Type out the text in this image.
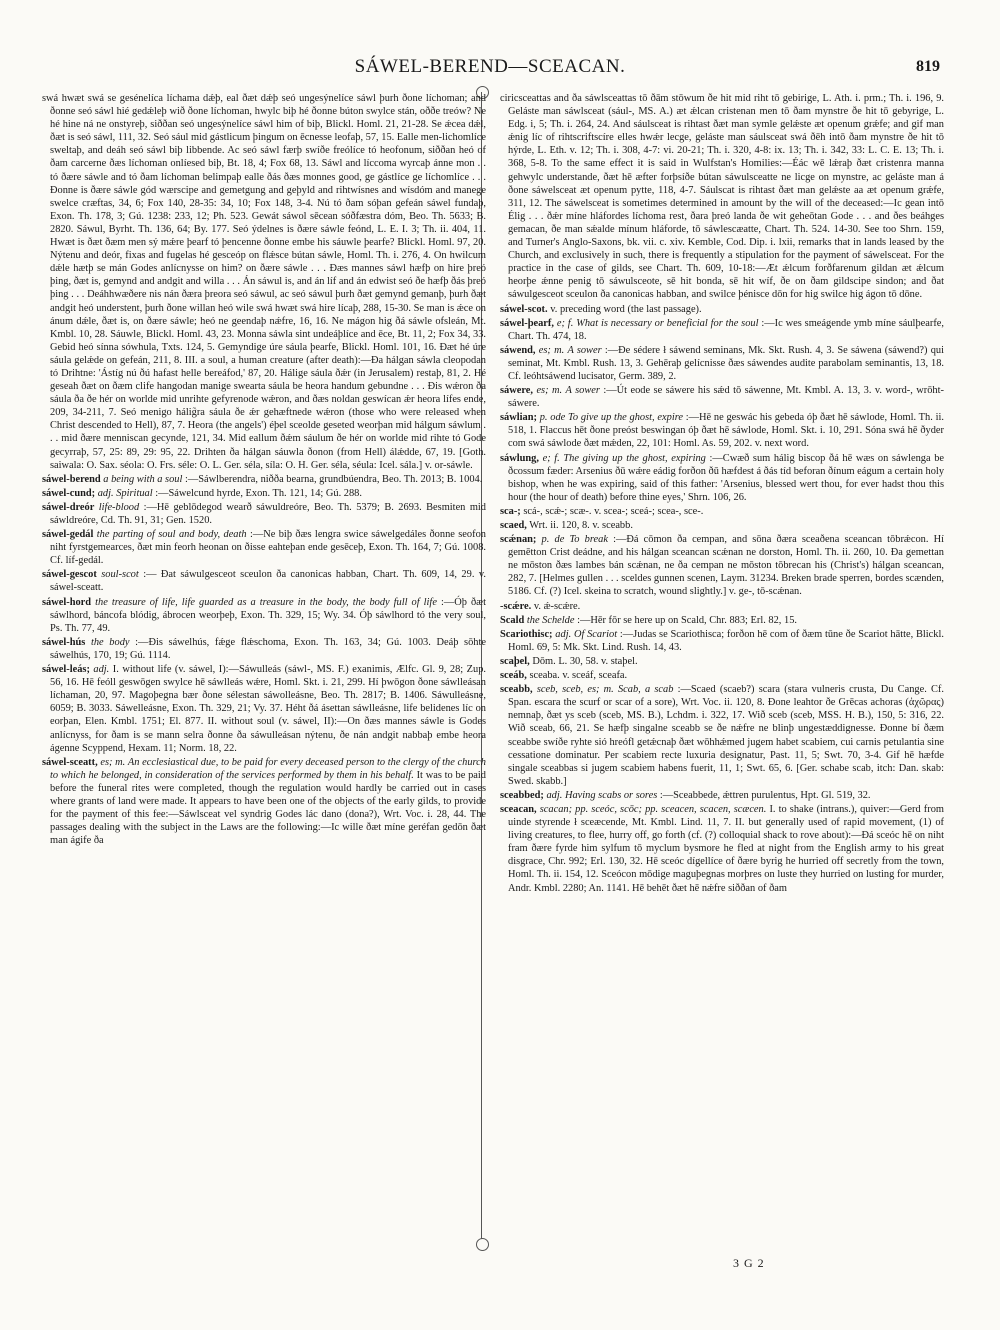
SÁWEL-BEREND—SCEACAN.	819

swá hwæt swá se gesénelíca líchama dǽþ, eal ðæt dǽþ seó ungesýnelíce sáwl þurh ðone líchoman; and ðonne seó sáwl hié gedǽleþ wið ðone líchoman, hwylc biþ hé ðonne búton swylce stán, oððe treów? Ne hé hine ná ne onstyreþ, siððan seó ungesýnelíce sáwl him of biþ, Blickl. Homl. 21, 21-28. Se ǽcea dǽl, ðæt is seó sáwl, 111, 32. Seó sául mid gástlicum þingum on ēcnesse leofaþ, 57, 15. Ealle men-lichomlíce sweltaþ, and deáh seó sáwl biþ libbende. Ac seó sáwl færþ swíðe freólíce tó heofonum, siððan heó of ðam carcerne ðæs líchoman onlíesed biþ, Bt. 18, 4; Fox 68, 13. Sáwl and líccoma wyrcaþ ánne mon . . tó ðære sáwle and tó ðam líchoman belimpaþ ealle ðás ðæs monnes good, ge gástlíce ge líchomlíce . . . Ðonne is ðære sáwle gód wærscipe and gemetgung and geþyld and rihtwísnes and wísdóm and manege swelce cræftas, 34, 6; Fox 140, 28-35: 34, 10; Fox 148, 3-4. Nú tó ðam sóþan gefeán sáwel fundaþ, Exon. Th. 178, 3; Gú. 1238: 233, 12; Ph. 523. Gewát sáwol sēcean sóðfæstra dóm, Beo. Th. 5633; B. 2820. Sáwul, Byrht. Th. 136, 64; By. 177. Seó ýdelnes is ðære sáwle feónd, L. E. I. 3; Th. ii. 404, 11. Hwæt is ðæt ðæm men sý mǽre þearf tó þencenne ðonne embe his sáuwle þearfe? Blickl. Homl. 97, 20. Nýtenu and deór, fixas and fugelas hé gesceóp on flǽsce bútan sáwle, Homl. Th. i. 276, 4. On hwilcum dǽle hætþ se mán Godes anlícnysse on him? on ðære sáwle . . . Ðæs mannes sáwl hæfþ on hire þreó þing, ðæt is, gemynd and andgit and willa . . . Án sáwul is, and án líf and án edwist seó ðe hæfþ ðás þreó þing . . . Deáhhwæðere nis nán ðæra þreora seó sáwul, ac seó sáwul þurh ðæt gemynd gemanþ, þurh ðæt andgit heó understent, þurh ðone willan heó wile swá hwæt swá hire lícaþ, 288, 15-30. Se man is ǽce on ánum dǽle, ðæt is, on ðære sáwle; heó ne geendaþ nǽfre, 16, 16. Ne mágon hig ðá sáwle ofsleán, Mt. Kmbl. 10, 28. Sáuwle, Blickl. Homl. 43, 23. Monna sáwla sint undeáþlíce and ēce, Bt. 11, 2; Fox 34, 33. Gebid heó sínna sówhula, Txts. 124, 5. Gemyndige úre sáula þearfe, Blickl. Homl. 101, 16. Ðæt hé úre sáula gelǽde on gefeán, 211, 8. III. a soul, a human creature (after death):—Ða hálgan sáwla cleopodan tó Drihtne: 'Ástíg nú ðú hafast helle bereáfod,' 87, 20. Hálige sáula ðǽr (in Jerusalem) restaþ, 81, 2. Hé geseah ðæt on ðæm clife hangodan manige swearta sáula be heora handum gebundne . . . Ðis wǽron ða sáula ða ðe hér on worlde mid unrihte gefyrenode wǽron, and ðæs noldan geswícan ǽr heora lífes ende, 209, 34-211, 7. Seó menigo hálig̃ra sáula ðe ǽr gehæftnede wǽron (those who were released when Christ descended to Hell), 87, 7. Heora (the angels') éþel sceolde geseted weorþan mid hálgum sáwlum . . . mid ðære menniscan gecynde, 121, 34. Mid eallum ðǽm sáulum ðe hér on worlde mid rihte tó Gode gecyrraþ, 57, 25: 89, 29: 95, 22. Drihten ða hálgan sáuwla ðonon (from Hell) álǽdde, 67, 19. [Goth. saiwala: O. Sax. séola: O. Frs. séle: O. L. Ger. séla, síla: O. H. Ger. séla, séula: Icel. sála.] v. or-sáwle.

sáwel-berend a being with a soul :—Sáwlberendra, niðða bearna, grundbúendra, Beo. Th. 2013; B. 1004.

sáwel-cund; adj. Spiritual :—Sáwelcund hyrde, Exon. Th. 121, 14; Gú. 288.

sáwel-dreór life-blood :—Hē geblōdegod wearð sáwuldreóre, Beo. Th. 5379; B. 2693. Besmiten mid sáwldreóre, Cd. Th. 91, 31; Gen. 1520.

sáwel-gedál the parting of soul and body, death :—Ne biþ ðæs lengra swice sáwelgedáles ðonne seofon niht fyrstgemearces, ðæt min feorh heonan on ðisse eahteþan ende gesēceþ, Exon. Th. 164, 7; Gú. 1008. Cf. líf-gedál.

sáwel-gescot soul-scot :— Ðat sáwulgesceot sceulon ða canonicas habban, Chart. Th. 609, 14, 29. v. sáwel-sceatt.

sáwel-hord the treasure of life, life guarded as a treasure in the body, the body full of life :—Óþ ðæt sáwlhord, báncofa blódig, ábrocen weorþeþ, Exon. Th. 329, 15; Wy. 34. Óþ sáwlhord tó the very soul, Ps. Th. 77, 49.

sáwel-hús the body :—Ðis sáwelhús, fǽge flǽschoma, Exon. Th. 163, 34; Gú. 1003. Deáþ sōhte sáwelhús, 170, 19; Gú. 1114.

sáwel-leás; adj. I. without life (v. sáwel, I):—Sáwulleás (sáwl-, MS. F.) exanimis, Ælfc. Gl. 9, 28; Zup. 56, 16. Hē feóll geswōgen swylce hē sáwlleás wǽre, Homl. Skt. i. 21, 299. Hí þwōgon ðone sáwlleásan líchaman, 20, 97. Magoþegna bær ðone sélestan sáwolleásne, Beo. Th. 2817; B. 1406. Sáwulleásne, 6059; B. 3033. Sáwelleásne, Exon. Th. 329, 21; Vy. 37. Héht ðá ásettan sáwlleásne, life belidenes líc on eorþan, Elen. Kmbl. 1751; El. 877. II. without soul (v. sáwel, II):—On ðæs mannes sáwle is Godes anlícnyss, for ðam is se mann selra ðonne ða sáwulleásan nýtenu, ðe nán andgit nabbaþ embe heora ágenne Scyppend, Hexam. 11; Norm. 18, 22.

sáwel-sceatt, es; m. An ecclesiastical due, to be paid for every deceased person to the clergy of the church to which he belonged, in consideration of the services performed by them in his behalf. It was to be paid before the funeral rites were completed, though the regulation would hardly be carried out in cases where grants of land were made. It appears to have been one of the objects of the early gilds, to provide for the payment of this fee:—Sáwlsceat vel syndrig Godes lác dano (dona?), Wrt. Voc. i. 28, 44. The passages dealing with the subject in the Laws are the following:—Ic wille ðæt míne geréfan gedōn ðæt man ágife ða

ciricsceattas and ða sáwlsceattas tō ðām stōwum ðe hit mid riht tō gebirige, L. Ath. i. prm.; Th. i. 196, 9. Geláste man sáwlsceat (sául-, MS. A.) æt ǽlcan cristenan men tō ðam mynstre ðe hit tō gebyrige, L. Edg. i, 5; Th. i. 264, 24. And sáulsceat is rihtast ðæt man symle gelǽste æt openum grǽfe; and gif man ǽnig líc of rihtscriftscíre elles hwǽr lecge, geláste man sáulsceat swá ðēh intō ðam mynstre ðe hit tō hýrde, L. Eth. v. 12; Th. i. 308, 4-7: vi. 20-21; Th. i. 320, 4-8: ix. 13; Th. i. 342, 33: L. C. E. 13; Th. i. 368, 5-8. To the same effect it is said in Wulfstan's Homilies:—Éác wē lǽraþ ðæt cristenra manna gehwylc understande, ðæt hē æfter forþsíðe bútan sáwulsceatte ne licge on mynstre, ac geláste man á ðone sáwelsceat æt openum pytte, 118, 4-7. Sáulscat is rihtast ðæt man gelǽste aa æt openum grǽfe, 311, 12. The sáwelsceat is sometimes determined in amount by the will of the deceased:—Ic gean intō Élig . . . ðǽr míne hláfordes líchoma rest, ðara þreó landa ðe wit geheōtan Gode . . . and ðes beáhges gemacan, ðe man sǽalde mínum hláforde, tō sáwlescæatte, Chart. Th. 524. 14-30. See too Shrn. 159, and Turner's Anglo-Saxons, bk. vii. c. xiv. Kemble, Cod. Dip. i. lxii, remarks that in lands leased by the Church, and exclusively in such, there is frequently a stipulation for the payment of sáwelsceat. For the practice in the case of gilds, see Chart. Th. 609, 10-18:—Æt ǽlcum forðfarenum gildan æt ǽlcum heorþe ǽnne penig tō sáwulsceote, sē hit bonda, sē hit wíf, ðe on ðam gildscipe sindon; and ðat sáwulgesceot sceulon ða canonicas habban, and swilce þénisce dōn for hig swilce hig ágon tō dōne.

sáwel-scot. v. preceding word (the last passage).

sáwel-þearf, e; f. What is necessary or beneficial for the soul :—Ic wes smeágende ymb míne sáulþearfe, Chart. Th. 474, 18.

sáwend, es; m. A sower :—Ðe sédere ł sáwend seminans, Mk. Skt. Rush. 4, 3. Se sáwena (sáwend?) qui seminat, Mt. Kmbl. Rush. 13, 3. Gehēraþ gelícnisse ðæs sáwendes audite parabolam seminantis, 13, 18. Cf. leóhtsáwend lucisator, Germ. 389, 2.

sáwere, es; m. A sower :—Út eode se sáwere his sǽd tō sáwenne, Mt. Kmbl. A. 13, 3. v. word-, wrōht-sáwere.

sáwlian; p. ode To give up the ghost, expire :—Hē ne geswác his gebeda óþ ðæt hē sáwlode, Homl. Th. ii. 518, 1. Flaccus hēt ðone preóst beswingan óþ ðæt hē sáwlode, Homl. Skt. i. 10, 291. Sóna swá hē ðyder com swá sáwlode ðæt mǽden, 22, 101: Homl. As. 59, 202. v. next word.

sáwlung, e; f. The giving up the ghost, expiring :—Cwæð sum hálig biscop ðá hē wæs on sáwlenga be ðcossum fæder: Arsenius ðū wǽre eádig forðon ðū hæfdest á ðás tíd beforan ðínum eágum a certain holy bishop, when he was expiring, said of this father: 'Arsenius, blessed wert thou, for ever hadst thou this hour (the hour of death) before thine eyes,' Shrn. 106, 26.

sca-; scá-, scǽ-; scæ-. v. scea-; sceá-; scea-, sce-.

scaed, Wrt. ii. 120, 8. v. sceabb.

scǽnan; p. de To break :—Ðá cōmon ða cempan, and sōna ðæra sceaðena sceancan tōbrǽcon. Hí gemētton Crist deádne, and his hálgan sceancan scǽnan ne dorston, Homl. Th. ii. 260, 10. Ða gemettan ne mōston ðæs lambes bán scǽnan, ne ða cempan ne mōston tōbrecan his (Christ's) hálgan sceancan, 282, 7. [Helmes gullen . . . sceldes gunnen scenen, Laym. 31234. Breken brade sperren, bordes scænden, 5186. Cf. (?) Icel. skeina to scratch, wound slightly.] v. ge-, tō-scǽnan.

-scǽre. v. ǽ-scǽre.

Scald the Schelde :—Hēr fōr se here up on Scald, Chr. 883; Erl. 82, 15.

Scariothisc; adj. Of Scariot :—Judas se Scariothisca; forðon hē com of ðæm tūne ðe Scariot hātte, Blickl. Homl. 69, 5: Mk. Skt. Lind. Rush. 14, 43.

scaþel, Dōm. L. 30, 58. v. staþel.

sceáb, sceaba. v. sceáf, sceafa.

sceabb, sceb, sceb, es; m. Scab, a scab :—Scaed (scaeb?) scara (stara vulneris crusta, Du Cange. Cf. Span. escara the scurf or scar of a sore), Wrt. Voc. ii. 120, 8. Ðone leahtor ðe Grēcas achoras (ἀχῶρας) nemnaþ, ðæt ys sceb (sceb, MS. B.), Lchdm. i. 322, 17. Wið sceb (sceb, MSS. H. B.), 150, 5: 316, 22. Wið sceab, 66, 21. Se hæfþ singalne sceabb se ðe nǽfre ne blinþ ungestæddignesse. Ðonne bí ðæm sceabbe swíðe ryhte sió hreófl getǽcnaþ ðæt wōhhǽmed jugem habet scabiem, cui carnis petulantia sine cessatione dominatur. Per scabiem recte luxuria designatur, Past. 11, 5; Swt. 70, 3-4. Gif hē hæfde singale sceabbas si jugem scabiem habens fuerit, 11, 1; Swt. 65, 6. [Ger. schabe scab, itch: Dan. skab: Swed. skabb.]

sceabbed; adj. Having scabs or sores :—Sceabbede, ǽttren purulentus, Hpt. Gl. 519, 32.

sceacan, scacan; pp. sceóc, scōc; pp. sceacen, scacen, scæcen. I. to shake (intrans.), quiver:—Gerd from uinde styrende ł sceæcende, Mt. Kmbl. Lind. 11, 7. II. but generally used of rapid movement, (1) of living creatures, to flee, hurry off, go forth (cf. (?) colloquial shack to rove about):—Ðá sceóc hē on niht fram ðære fyrde him sylfum tō myclum bysmore he fled at night from the English army to his great disgrace, Chr. 992; Erl. 130, 32. Hē sceóc dígellíce of ðære byrig he hurried off secretly from the town, Homl. Th. ii. 154, 12. Sceócon mōdige maguþegnas morþres on luste they hurried on lusting for murder, Andr. Kmbl. 2280; An. 1141. Hē behēt ðæt hē nǽfre siððan of ðam

3 G 2
